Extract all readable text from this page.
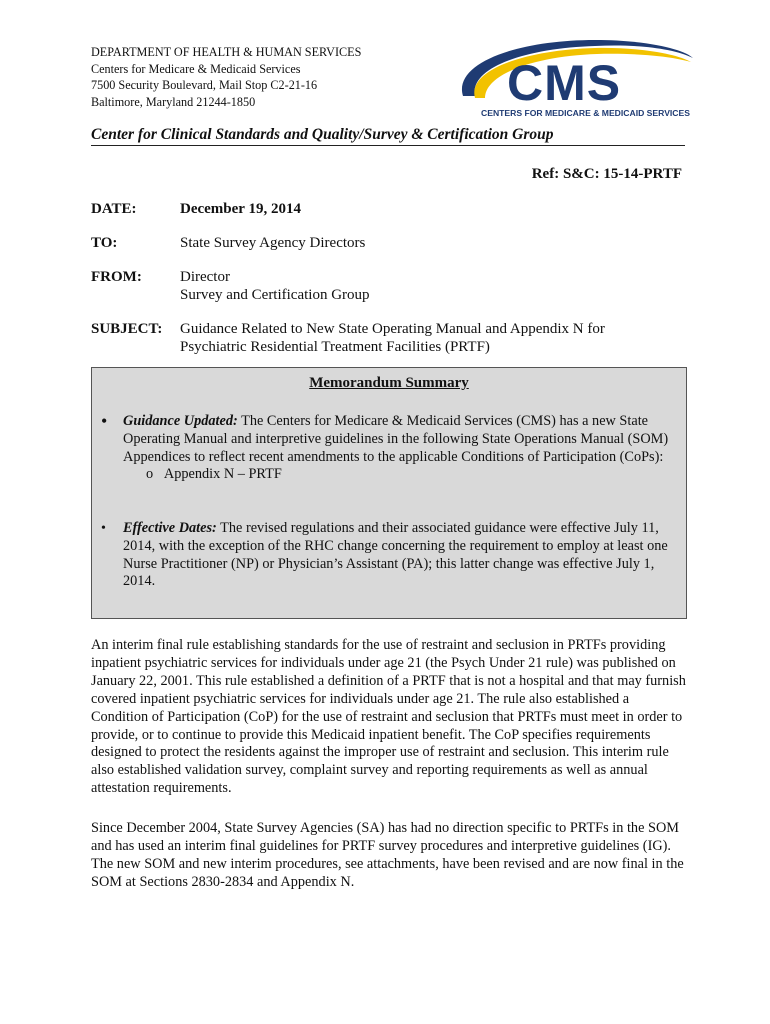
DEPARTMENT OF HEALTH & HUMAN SERVICES
Centers for Medicare & Medicaid Services
7500 Security Boulevard, Mail Stop C2-21-16
Baltimore, Maryland 21244-1850	CMS
CENTERS FOR MEDICARE & MEDICAID SERVICES
Center for Clinical Standards and Quality/Survey & Certification Group
Ref: S&C: 15-14-PRTF
DATE:	December 19, 2014
TO:	State Survey Agency Directors
FROM:	Director
Survey and Certification Group
SUBJECT: Guidance Related to New State Operating Manual and Appendix N for
Psychiatric Residential Treatment Facilities (PRTF)
Memorandum Summary
• Guidance Updated: The Centers for Medicare & Medicaid Services (CMS) has a new State Operating Manual and interpretive guidelines in the following State Operations Manual (SOM) Appendices to reflect recent amendments to the applicable Conditions of Participation (CoPs):
o Appendix N – PRTF
• Effective Dates: The revised regulations and their associated guidance were effective July 11, 2014, with the exception of the RHC change concerning the requirement to employ at least one Nurse Practitioner (NP) or Physician’s Assistant (PA); this latter change was effective July 1, 2014.
An interim final rule establishing standards for the use of restraint and seclusion in PRTFs providing inpatient psychiatric services for individuals under age 21 (the Psych Under 21 rule) was published on January 22, 2001. This rule established a definition of a PRTF that is not a hospital and that may furnish covered inpatient psychiatric services for individuals under age 21. The rule also established a Condition of Participation (CoP) for the use of restraint and seclusion that PRTFs must meet in order to provide, or to continue to provide this Medicaid inpatient benefit. The CoP specifies requirements designed to protect the residents against the improper use of restraint and seclusion. This interim rule also established validation survey, complaint survey and reporting requirements as well as annual attestation requirements.
Since December 2004, State Survey Agencies (SA) has had no direction specific to PRTFs in the SOM and has used an interim final guidelines for PRTF survey procedures and interpretive guidelines (IG). The new SOM and new interim procedures, see attachments, have been revised and are now final in the SOM at Sections 2830-2834 and Appendix N.
